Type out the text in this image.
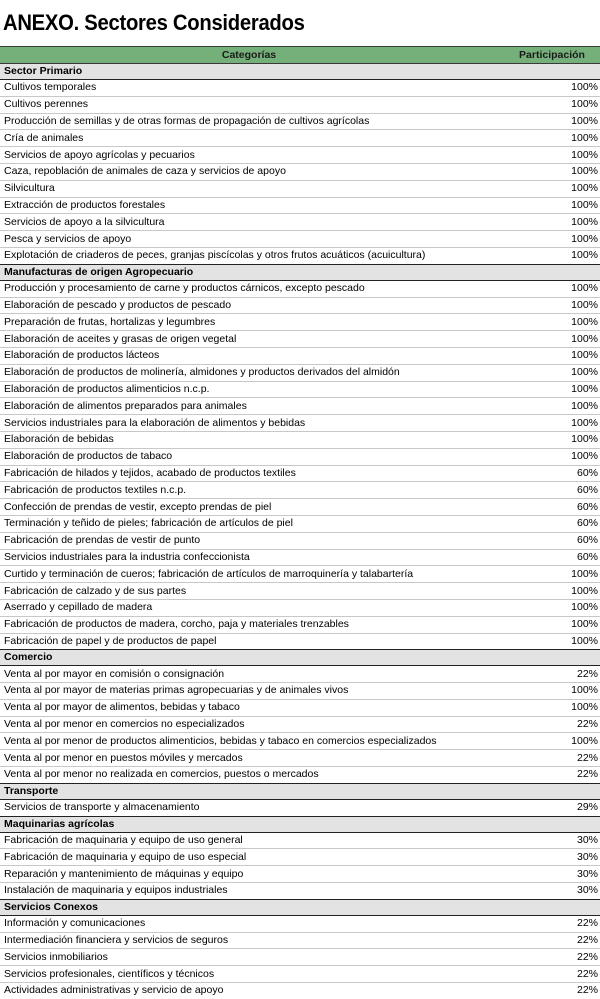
ANEXO. Sectores Considerados
Categorías	Participación
Sector Primario	
Cultivos temporales	100%
Cultivos perennes	100%
Producción de semillas y de otras formas de propagación de cultivos agrícolas	100%
Cría de animales	100%
Servicios de apoyo agrícolas y pecuarios	100%
Caza, repoblación de animales de caza y servicios de apoyo	100%
Silvicultura	100%
Extracción de productos forestales	100%
Servicios de apoyo a la silvicultura	100%
Pesca y servicios de apoyo	100%
Explotación de criaderos de peces, granjas piscícolas y otros frutos acuáticos (acuicultura)	100%
Manufacturas de origen Agropecuario	
Producción y procesamiento de carne y productos cárnicos, excepto pescado	100%
Elaboración de pescado y productos de pescado	100%
Preparación de frutas, hortalizas y legumbres	100%
Elaboración de aceites y grasas de origen vegetal	100%
Elaboración de productos lácteos	100%
Elaboración de productos de molinería, almidones y productos derivados del almidón	100%
Elaboración de productos alimenticios n.c.p.	100%
Elaboración de alimentos preparados para animales	100%
Servicios industriales para la elaboración de alimentos y bebidas	100%
Elaboración de bebidas	100%
Elaboración de productos de tabaco	100%
Fabricación de hilados y tejidos, acabado de productos textiles	60%
Fabricación de productos textiles n.c.p.	60%
Confección de prendas de vestir, excepto prendas de piel	60%
Terminación y teñido de pieles; fabricación de artículos de piel	60%
Fabricación de prendas de vestir de punto	60%
Servicios industriales para la industria confeccionista	60%
Curtido y terminación de cueros; fabricación de artículos de marroquinería y talabartería	100%
Fabricación de calzado y de sus partes	100%
Aserrado y cepillado de madera	100%
Fabricación de productos de madera, corcho, paja y materiales trenzables	100%
Fabricación de papel y de productos de papel	100%
Comercio	
Venta al por mayor en comisión o consignación	22%
Venta al por mayor de materias primas agropecuarias y de animales vivos	100%
Venta al por mayor de alimentos, bebidas y tabaco	100%
Venta al por menor en comercios no especializados	22%
Venta al por menor de productos alimenticios, bebidas y tabaco en comercios especializados	100%
Venta al por menor en puestos móviles y mercados	22%
Venta al por menor no realizada en comercios, puestos o mercados	22%
Transporte	
Servicios de transporte y almacenamiento	29%
Maquinarias agrícolas	
Fabricación de maquinaria y equipo de uso general	30%
Fabricación de maquinaria y equipo de uso especial	30%
Reparación y mantenimiento de máquinas y equipo	30%
Instalación de maquinaria y equipos industriales	30%
Servicios Conexos	
Información y comunicaciones	22%
Intermediación financiera y servicios de seguros	22%
Servicios inmobiliarios	22%
Servicios profesionales, científicos y técnicos	22%
Actividades administrativas y servicio de apoyo	22%
